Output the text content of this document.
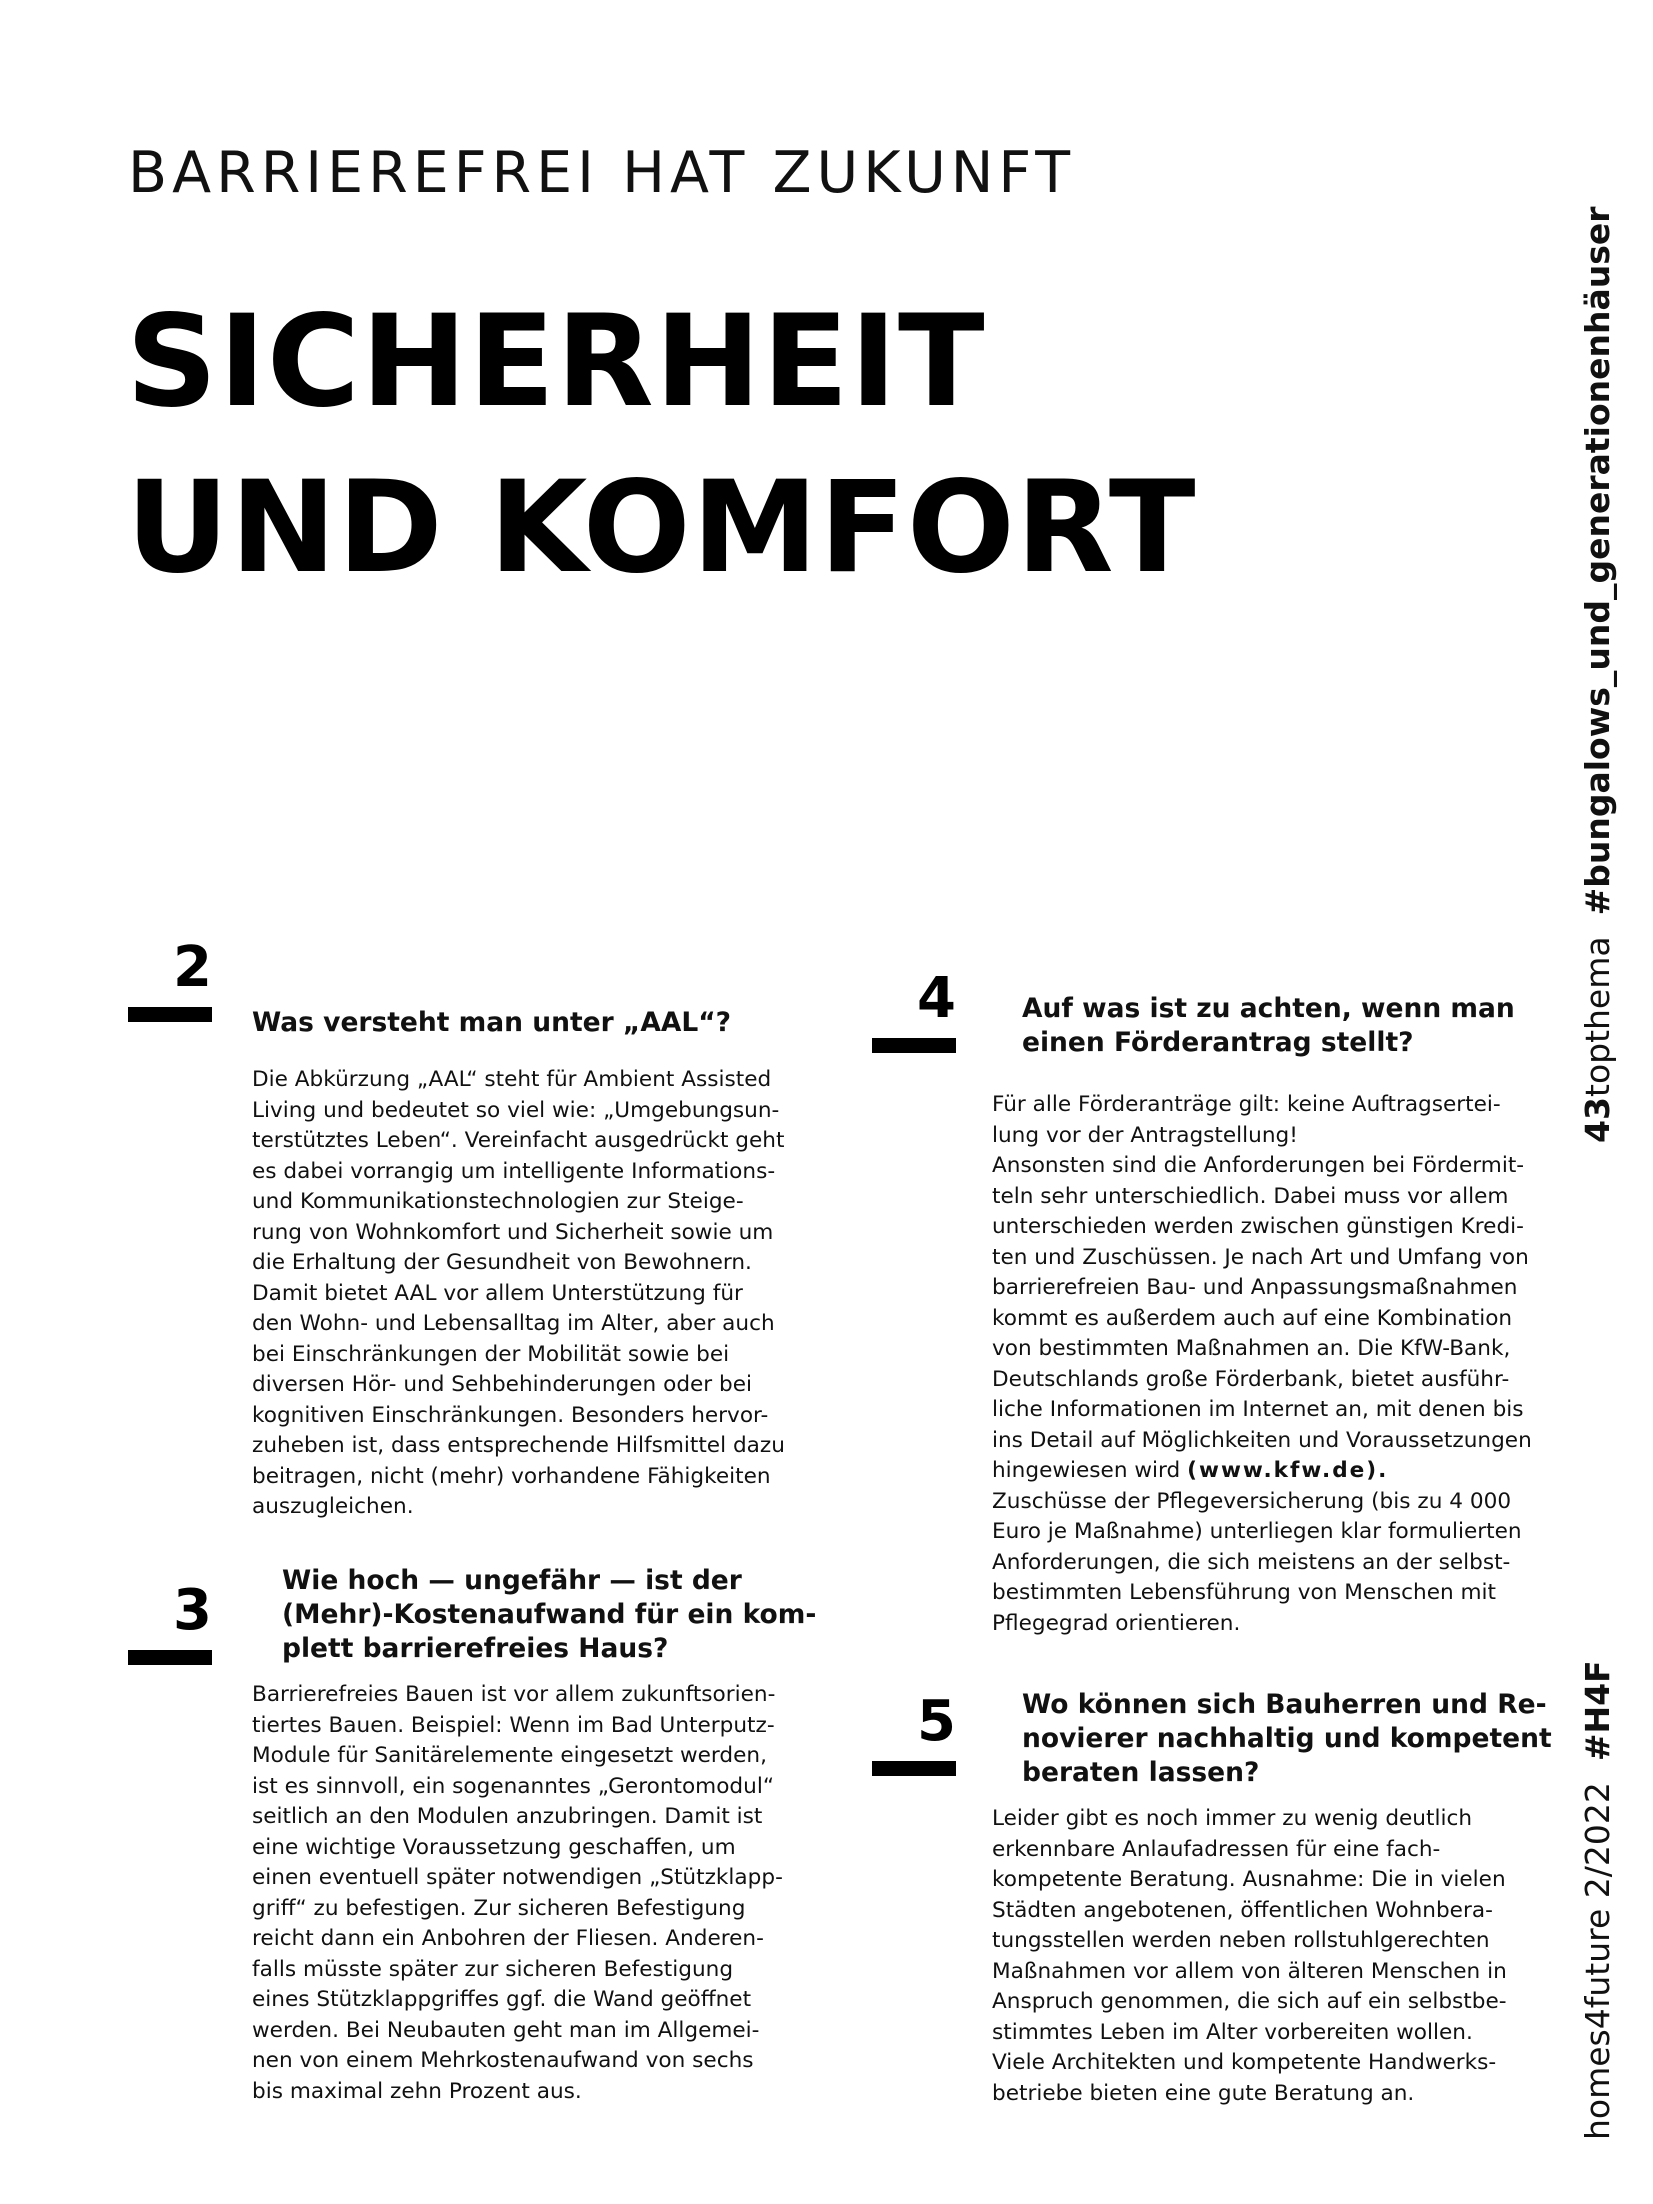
BARRIEREFREI HAT ZUKUNFT
SICHERHEIT
UND KOMFORT
topthema  #bungalows_und_generationenhäuser
43
homes4future 2/2022  #H4F
2
Was versteht man unter „AAL“?
Die Abkürzung „AAL“ steht für Ambient Assisted
Living und bedeutet so viel wie: „Umgebungsun-
terstütztes Leben“. Vereinfacht ausgedrückt geht
es dabei vorrangig um intelligente Informations-
und Kommunikationstechnologien zur Steige-
rung von Wohnkomfort und Sicherheit sowie um
die Erhaltung der Gesundheit von Bewohnern.
Damit bietet AAL vor allem Unterstützung für
den Wohn- und Lebensalltag im Alter, aber auch
bei Einschränkungen der Mobilität sowie bei
diversen Hör- und Sehbehinderungen oder bei
kognitiven Einschränkungen. Besonders hervor-
zuheben ist, dass entsprechende Hilfsmittel dazu
beitragen, nicht (mehr) vorhandene Fähigkeiten
auszugleichen.
3	Wie hoch — ungefähr — ist der
(Mehr)-Kostenaufwand für ein kom-
plett barrierefreies Haus?
Barrierefreies Bauen ist vor allem zukunftsorien-
tiertes Bauen. Beispiel: Wenn im Bad Unterputz-
Module für Sanitärelemente eingesetzt werden,
ist es sinnvoll, ein sogenanntes „Gerontomodul“
seitlich an den Modulen anzubringen. Damit ist
eine wichtige Voraussetzung geschaffen, um
einen eventuell später notwendigen „Stützklapp-
griff“ zu befestigen. Zur sicheren Befestigung
reicht dann ein Anbohren der Fliesen. Anderen-
falls müsste später zur sicheren Befestigung
eines Stützklappgriffes ggf. die Wand geöffnet
werden. Bei Neubauten geht man im Allgemei-
nen von einem Mehrkostenaufwand von sechs
bis maximal zehn Prozent aus.
4 Auf was ist zu achten, wenn man
einen Förderantrag stellt?
Für alle Förderanträge gilt: keine Auftragsertei-
lung vor der Antragstellung!
Ansonsten sind die Anforderungen bei Fördermit-
teln sehr unterschiedlich. Dabei muss vor allem
unterschieden werden zwischen günstigen Kredi-
ten und Zuschüssen. Je nach Art und Umfang von
barrierefreien Bau- und Anpassungsmaßnahmen
kommt es außerdem auch auf eine Kombination
von bestimmten Maßnahmen an. Die KfW-Bank,
Deutschlands große Förderbank, bietet ausführ-
liche Informationen im Internet an, mit denen bis
ins Detail auf Möglichkeiten und Voraussetzungen
hingewiesen wird (www.kfw.de).
Zuschüsse der Pflegeversicherung (bis zu 4 000
Euro je Maßnahme) unterliegen klar formulierten
Anforderungen, die sich meistens an der selbst-
bestimmten Lebensführung von Menschen mit
Pflegegrad orientieren.
5 Wo können sich Bauherren und Re-
novierer nachhaltig und kompetent
beraten lassen?
Leider gibt es noch immer zu wenig deutlich
erkennbare Anlaufadressen für eine fach-
kompetente Beratung. Ausnahme: Die in vielen
Städten angebotenen, öffentlichen Wohnbera-
tungsstellen werden neben rollstuhlgerechten
Maßnahmen vor allem von älteren Menschen in
Anspruch genommen, die sich auf ein selbstbe-
stimmtes Leben im Alter vorbereiten wollen.
Viele Architekten und kompetente Handwerks-
betriebe bieten eine gute Beratung an.
